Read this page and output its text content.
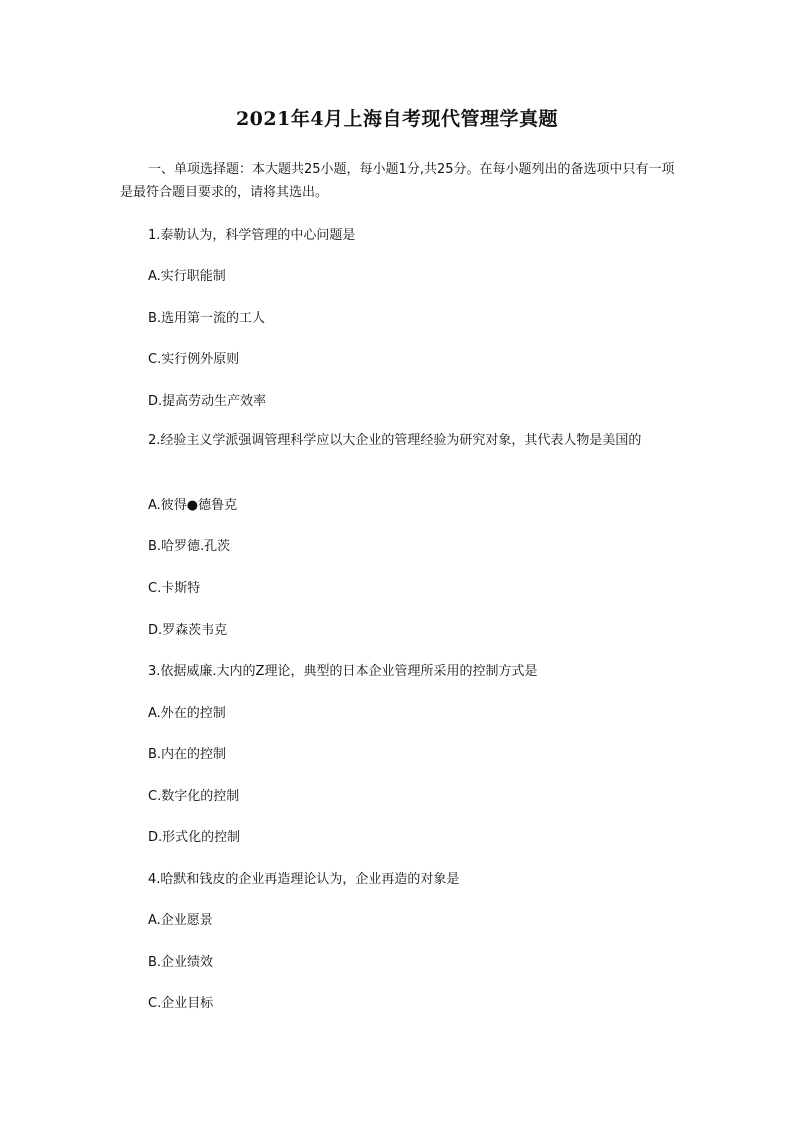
2021年4月上海自考现代管理学真题
一、单项选择题：本大题共25小题，每小题1分,共25分。在每小题列出的备选项中只有一项是最符合题目要求的，请将其选出。
1.泰勒认为，科学管理的中心问题是
A.实行职能制
B.选用第一流的工人
C.实行例外原则
D.提高劳动生产效率
2.经验主义学派强调管理科学应以大企业的管理经验为研究对象，其代表人物是美国的
A.彼得●德鲁克
B.哈罗德.孔茨
C.卡斯特
D.罗森茨韦克
3.依据威廉.大内的Z理论，典型的日本企业管理所采用的控制方式是
A.外在的控制
B.内在的控制
C.数字化的控制
D.形式化的控制
4.哈默和钱皮的企业再造理论认为，企业再造的对象是
A.企业愿景
B.企业绩效
C.企业目标
